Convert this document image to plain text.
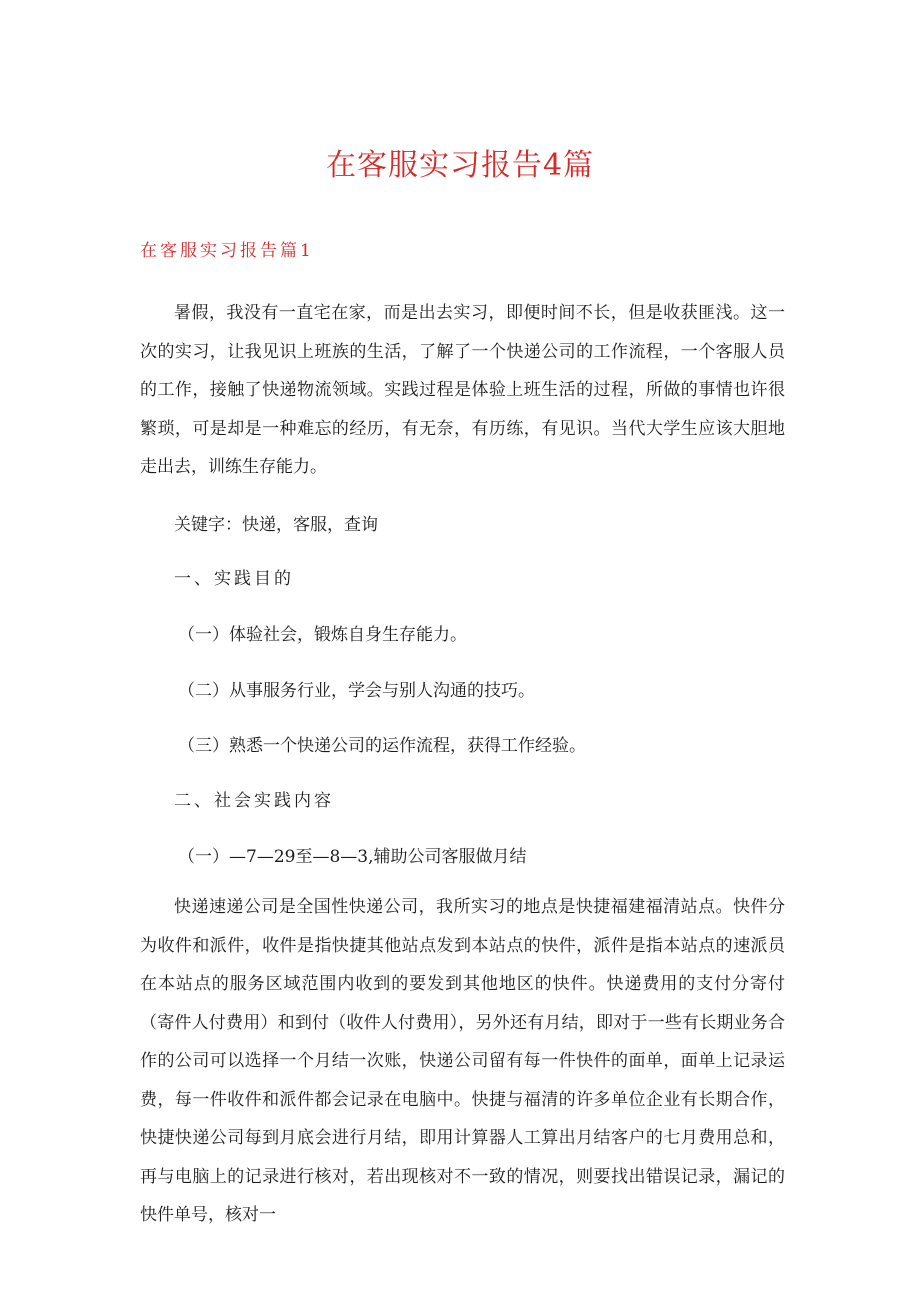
在客服实习报告4篇
在客服实习报告篇1

暑假，我没有一直宅在家，而是出去实习，即便时间不长，但是收获匪浅。这一次的实习，让我见识上班族的生活，了解了一个快递公司的工作流程，一个客服人员的工作，接触了快递物流领域。实践过程是体验上班生活的过程，所做的事情也许很繁琐，可是却是一种难忘的经历，有无奈，有历练，有见识。当代大学生应该大胆地走出去，训练生存能力。

关键字：快递，客服，查询

一、实践目的

（一）体验社会，锻炼自身生存能力。

（二）从事服务行业，学会与别人沟通的技巧。

（三）熟悉一个快递公司的运作流程，获得工作经验。

二、社会实践内容

（一）—7—29至—8—3,辅助公司客服做月结

快递速递公司是全国性快递公司，我所实习的地点是快捷福建福清站点。快件分为收件和派件，收件是指快捷其他站点发到本站点的快件，派件是指本站点的速派员在本站点的服务区域范围内收到的要发到其他地区的快件。快递费用的支付分寄付（寄件人付费用）和到付（收件人付费用），另外还有月结，即对于一些有长期业务合作的公司可以选择一个月结一次账，快递公司留有每一件快件的面单，面单上记录运费，每一件收件和派件都会记录在电脑中。快捷与福清的许多单位企业有长期合作，快捷快递公司每到月底会进行月结，即用计算器人工算出月结客户的七月费用总和，再与电脑上的记录进行核对，若出现核对不一致的情况，则要找出错误记录，漏记的快件单号，核对一
